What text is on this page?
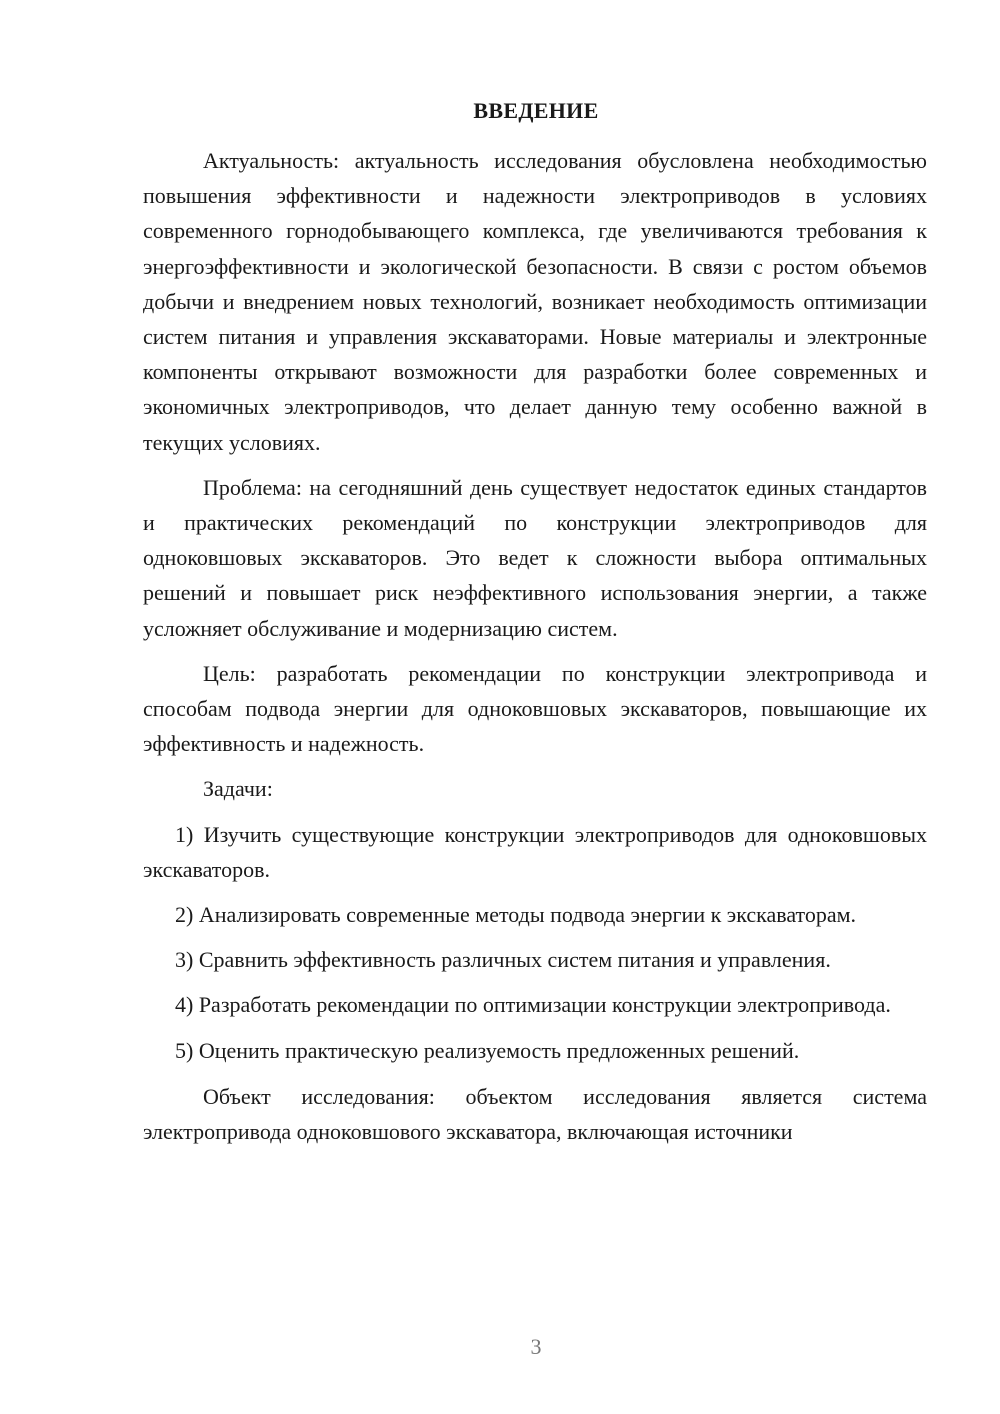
ВВЕДЕНИЕ

Актуальность: актуальность исследования обусловлена необходимостью повышения эффективности и надежности электроприводов в условиях современного горнодобывающего комплекса, где увеличиваются требования к энергоэффективности и экологической безопасности. В связи с ростом объемов добычи и внедрением новых технологий, возникает необходимость оптимизации систем питания и управления экскаваторами. Новые материалы и электронные компоненты открывают возможности для разработки более современных и экономичных электроприводов, что делает данную тему особенно важной в текущих условиях.

Проблема: на сегодняшний день существует недостаток единых стандартов и практических рекомендаций по конструкции электроприводов для одноковшовых экскаваторов. Это ведет к сложности выбора оптимальных решений и повышает риск неэффективного использования энергии, а также усложняет обслуживание и модернизацию систем.

Цель: разработать рекомендации по конструкции электропривода и способам подвода энергии для одноковшовых экскаваторов, повышающие их эффективность и надежность.

Задачи:

1) Изучить существующие конструкции электроприводов для одноковшовых экскаваторов.

2) Анализировать современные методы подвода энергии к экскаваторам.

3) Сравнить эффективность различных систем питания и управления.

4) Разработать рекомендации по оптимизации конструкции электропривода.

5) Оценить практическую реализуемость предложенных решений.

Объект исследования: объектом исследования является система электропривода одноковшового экскаватора, включающая источники

3
